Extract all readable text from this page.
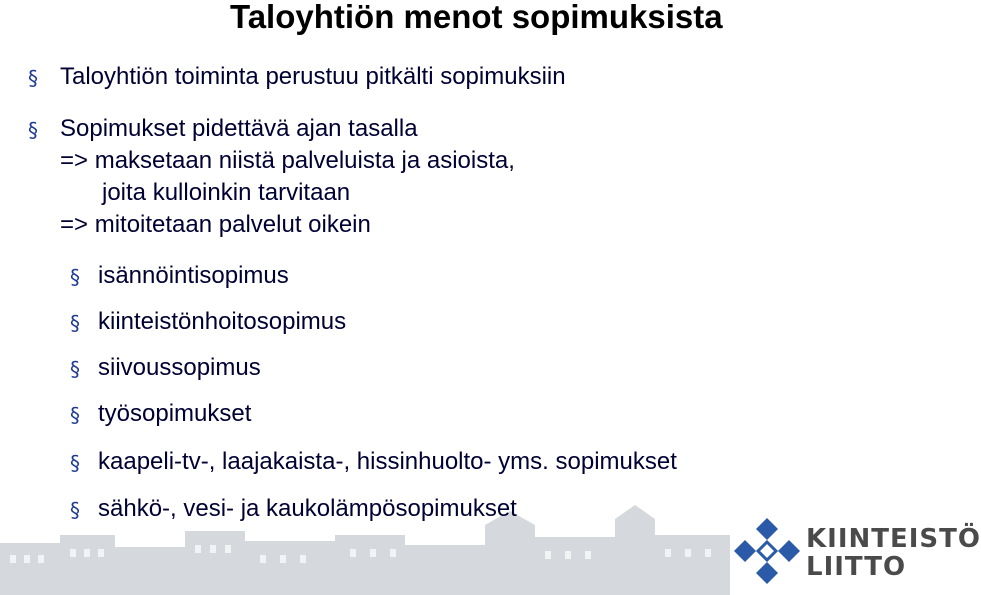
Taloyhtiön menot sopimuksista
§ Taloyhtiön toiminta perustuu pitkälti sopimuksiin
§ Sopimukset pidettävä ajan tasalla
=> maksetaan niistä palveluista ja asioista,
joita kulloinkin tarvitaan
=> mitoitetaan palvelut oikein
§ isännöintisopimus
§ kiinteistönhoitosopimus
§ siivoussopimus
§ työsopimukset
§ kaapeli-tv-, laajakaista-, hissinhuolto- yms. sopimukset
§ sähkö-, vesi- ja kaukolämpösopimukset
KIINTEISTÖ
LIITTO
